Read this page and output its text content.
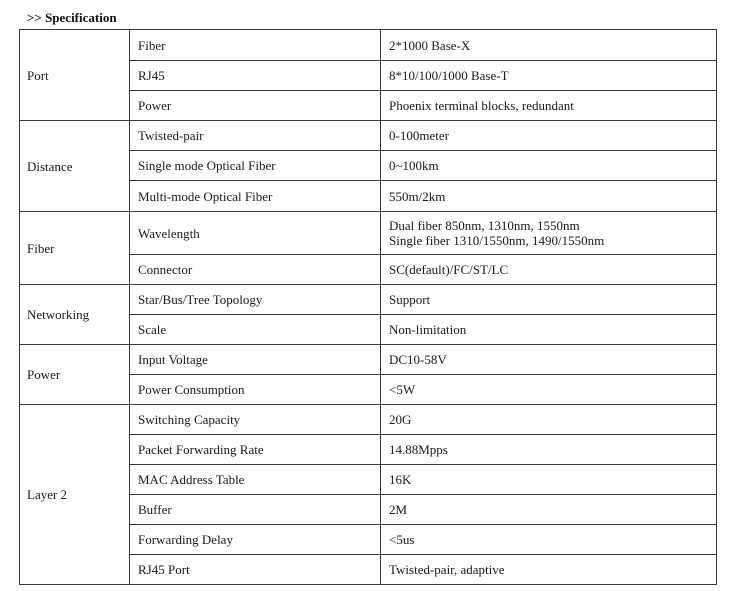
>> Specification
Port	Fiber	2*1000 Base-X

	RJ45	8*10/100/1000 Base-T

	Power	Phoenix terminal blocks, redundant

Distance	Twisted-pair	0-100meter

	Single mode Optical Fiber	0~100km

	Multi-mode Optical Fiber	550m/2km

Fiber	Wavelength	Dual fiber 850nm, 1310nm, 1550nm
Single fiber 1310/1550nm, 1490/1550nm

	Connector	SC(default)/FC/ST/LC

Networking	Star/Bus/Tree Topology	Support

	Scale	Non-limitation

Power	Input Voltage	DC10-58V

	Power Consumption	<5W

Layer 2	Switching Capacity	20G

	Packet Forwarding Rate	14.88Mpps

	MAC Address Table	16K

	Buffer	2M

	Forwarding Delay	<5us

	RJ45 Port	Twisted-pair, adaptive
